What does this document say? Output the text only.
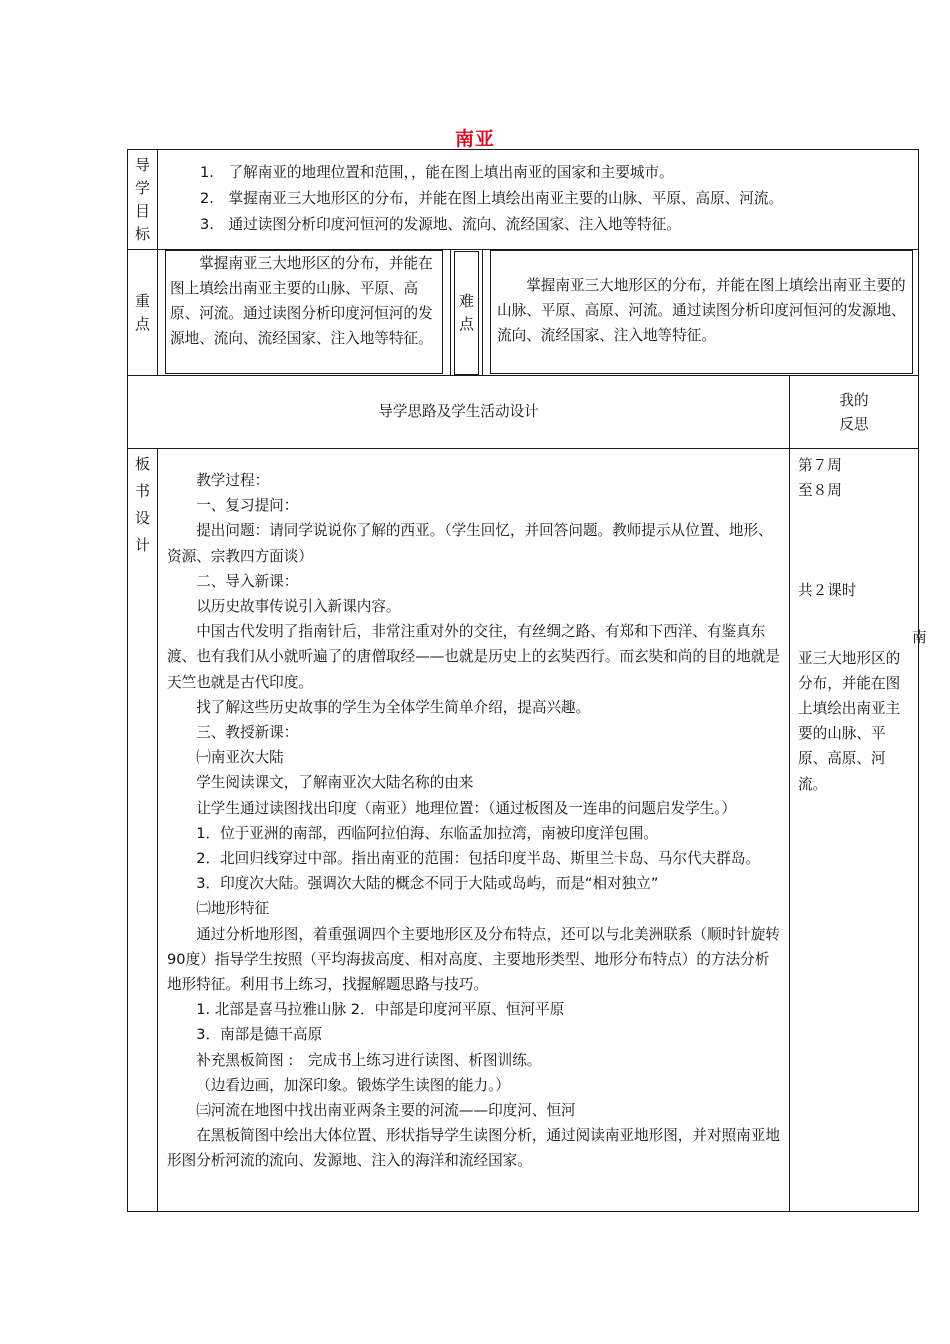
南亚
导
学
目
标
1.　了解南亚的地理位置和范围，，能在图上填出南亚的国家和主要城市。
2.　掌握南亚三大地形区的分布，并能在图上填绘出南亚主要的山脉、平原、高原、河流。
3.　通过读图分析印度河恒河的发源地、流向、流经国家、注入地等特征。
重
点
掌握南亚三大地形区的分布，并能在图上填绘出南亚主要的山脉、平原、高原、河流。通过读图分析印度河恒河的发源地、流向、流经国家、注入地等特征。
难
点
掌握南亚三大地形区的分布，并能在图上填绘出南亚主要的山脉、平原、高原、河流。通过读图分析印度河恒河的发源地、流向、流经国家、注入地等特征。
导学思路及学生活动设计
我的
反思
板
书
设
计

教学过程：

一、复习提问：

提出问题：请同学说说你了解的西亚。（学生回忆，并回答问题。教师提示从位置、地形、资源、宗教四方面谈）

二、导入新课：

以历史故事传说引入新课内容。

中国古代发明了指南针后，非常注重对外的交往，有丝绸之路、有郑和下西洋、有鉴真东渡、也有我们从小就听遍了的唐僧取经——也就是历史上的玄奘西行。而玄奘和尚的目的地就是天竺也就是古代印度。

找了解这些历史故事的学生为全体学生简单介绍，提高兴趣。

三、教授新课：

㈠南亚次大陆

学生阅读课文，了解南亚次大陆名称的由来

让学生通过读图找出印度（南亚）地理位置：（通过板图及一连串的问题启发学生。）

1．位于亚洲的南部，西临阿拉伯海、东临孟加拉湾，南被印度洋包围。

2．北回归线穿过中部。指出南亚的范围：包括印度半岛、斯里兰卡岛、马尔代夫群岛。

3．印度次大陆。强调次大陆的概念不同于大陆或岛屿，而是“相对独立”

㈡地形特征

通过分析地形图，着重强调四个主要地形区及分布特点，还可以与北美洲联系（顺时针旋转90度）指导学生按照（平均海拔高度、相对高度、主要地形类型、地形分布特点）的方法分析地形特征。利用书上练习，找握解题思路与技巧。

1. 北部是喜马拉雅山脉 2．中部是印度河平原、恒河平原

3．南部是德干高原

补充黑板简图 :　完成书上练习进行读图、析图训练。

（边看边画，加深印象。锻炼学生读图的能力。）

㈢河流在地图中找出南亚两条主要的河流——印度河、恒河

在黑板简图中绘出大体位置、形状指导学生读图分析，通过阅读南亚地形图，并对照南亚地形图分析河流的流向、发源地、注入的海洋和流经国家。

第７周
至８周
共２课时
亚三大地形区的分布，并能在图上填绘出南亚主要的山脉、平原、高原、河流。
南
